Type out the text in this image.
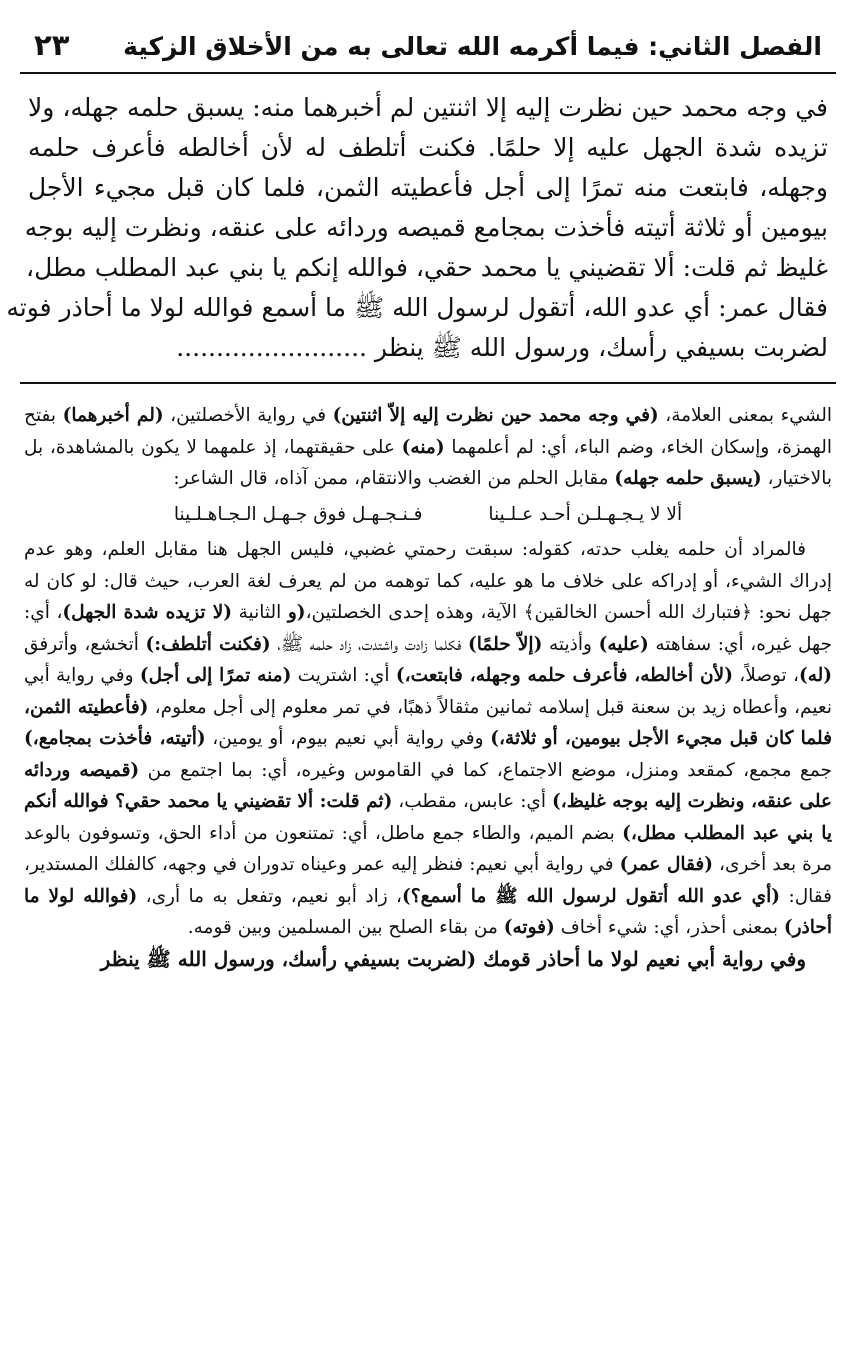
الفصل الثاني: فيما أكرمه الله تعالى به من الأخلاق الزكية
٢٣
في وجه محمد حين نظرت إليه إلا اثنتين لم أخبرهما منه: يسبق حلمه جهله، ولا
تزيده شدة الجهل عليه إلا حلمًا. فكنت أتلطف له لأن أخالطه فأعرف حلمه
وجهله، فابتعت منه تمرًا إلى أجل فأعطيته الثمن، فلما كان قبل مجيء الأجل
بيومين أو ثلاثة أتيته فأخذت بمجامع قميصه وردائه على عنقه، ونظرت إليه بوجه
غليظ ثم قلت: ألا تقضيني يا محمد حقي، فوالله إنكم يا بني عبد المطلب مطل،
فقال عمر: أي عدو الله، أتقول لرسول الله ﷺ ما أسمع فوالله لولا ما أحاذر فوته
لضربت بسيفي رأسك، ورسول الله ﷺ ينظر ........................

الشيء بمعنى العلامة، (في وجه محمد حين نظرت إليه إلاّ اثنتين) في رواية الأخصلتين، (لم أخبرهما) بفتح الهمزة، وإسكان الخاء، وضم الباء، أي: لم أعلمهما (منه) على حقيقتهما، إذ علمهما لا يكون بالمشاهدة، بل بالاختيار، (يسبق حلمه جهله) مقابل الحلم من الغضب والانتقام، ممن آذاه، قال الشاعر:

ألا لا يـجـهـلـن أحـد عـلـينا فـنـجـهـل فوق جـهـل الـجـاهـلـينا

فالمراد أن حلمه يغلب حدته، كقوله: سبقت رحمتي غضبي، فليس الجهل هنا مقابل العلم، وهو عدم إدراك الشيء، أو إدراكه على خلاف ما هو عليه، كما توهمه من لم يعرف لغة العرب، حيث قال: لو كان له جهل نحو: ﴿فتبارك الله أحسن الخالقين﴾ الآية، وهذه إحدى الخصلتين،(و الثانية (لا تزيده شدة الجهل)، أي: جهل غيره، أي: سفاهته (عليه) وأذيته (إلاّ حلمًا) فكلما زادت واشتدت، زاد حلمه ﷺ، (فكنت أتلطف:) أتخشع، وأترفق (له)، توصلاً، (لأن أخالطه، فأعرف حلمه وجهله، فابتعت،) أي: اشتريت (منه تمرًا إلى أجل) وفي رواية أبي نعيم، وأعطاه زيد بن سعنة قبل إسلامه ثمانين مثقالاً ذهبًا، في تمر معلوم إلى أجل معلوم، (فأعطيته الثمن، فلما كان قبل مجيء الأجل بيومين، أو ثلاثة،) وفي رواية أبي نعيم بيوم، أو يومين، (أتيته، فأخذت بمجامع،) جمع مجمع، كمقعد ومنزل، موضع الاجتماع، كما في القاموس وغيره، أي: بما اجتمع من (قميصه وردائه على عنقه، ونظرت إليه بوجه غليظ،) أي: عابس، مقطب، (ثم قلت: ألا تقضيني يا محمد حقي؟ فوالله أنكم يا بني عبد المطلب مطل،) بضم الميم، والطاء جمع ماطل، أي: تمتنعون من أداء الحق، وتسوفون بالوعد مرة بعد أخرى، (فقال عمر) في رواية أبي نعيم: فنظر إليه عمر وعيناه تدوران في وجهه، كالفلك المستدير، فقال: (أي عدو الله أتقول لرسول الله ﷺ ما أسمع؟)، زاد أبو نعيم، وتفعل به ما أرى، (فوالله لولا ما أحاذر) بمعنى أحذر، أي: شيء أخاف (فوته) من بقاء الصلح بين المسلمين وبين قومه.

وفي رواية أبي نعيم لولا ما أحاذر قومك (لضربت بسيفي رأسك، ورسول الله ﷺ ينظر
